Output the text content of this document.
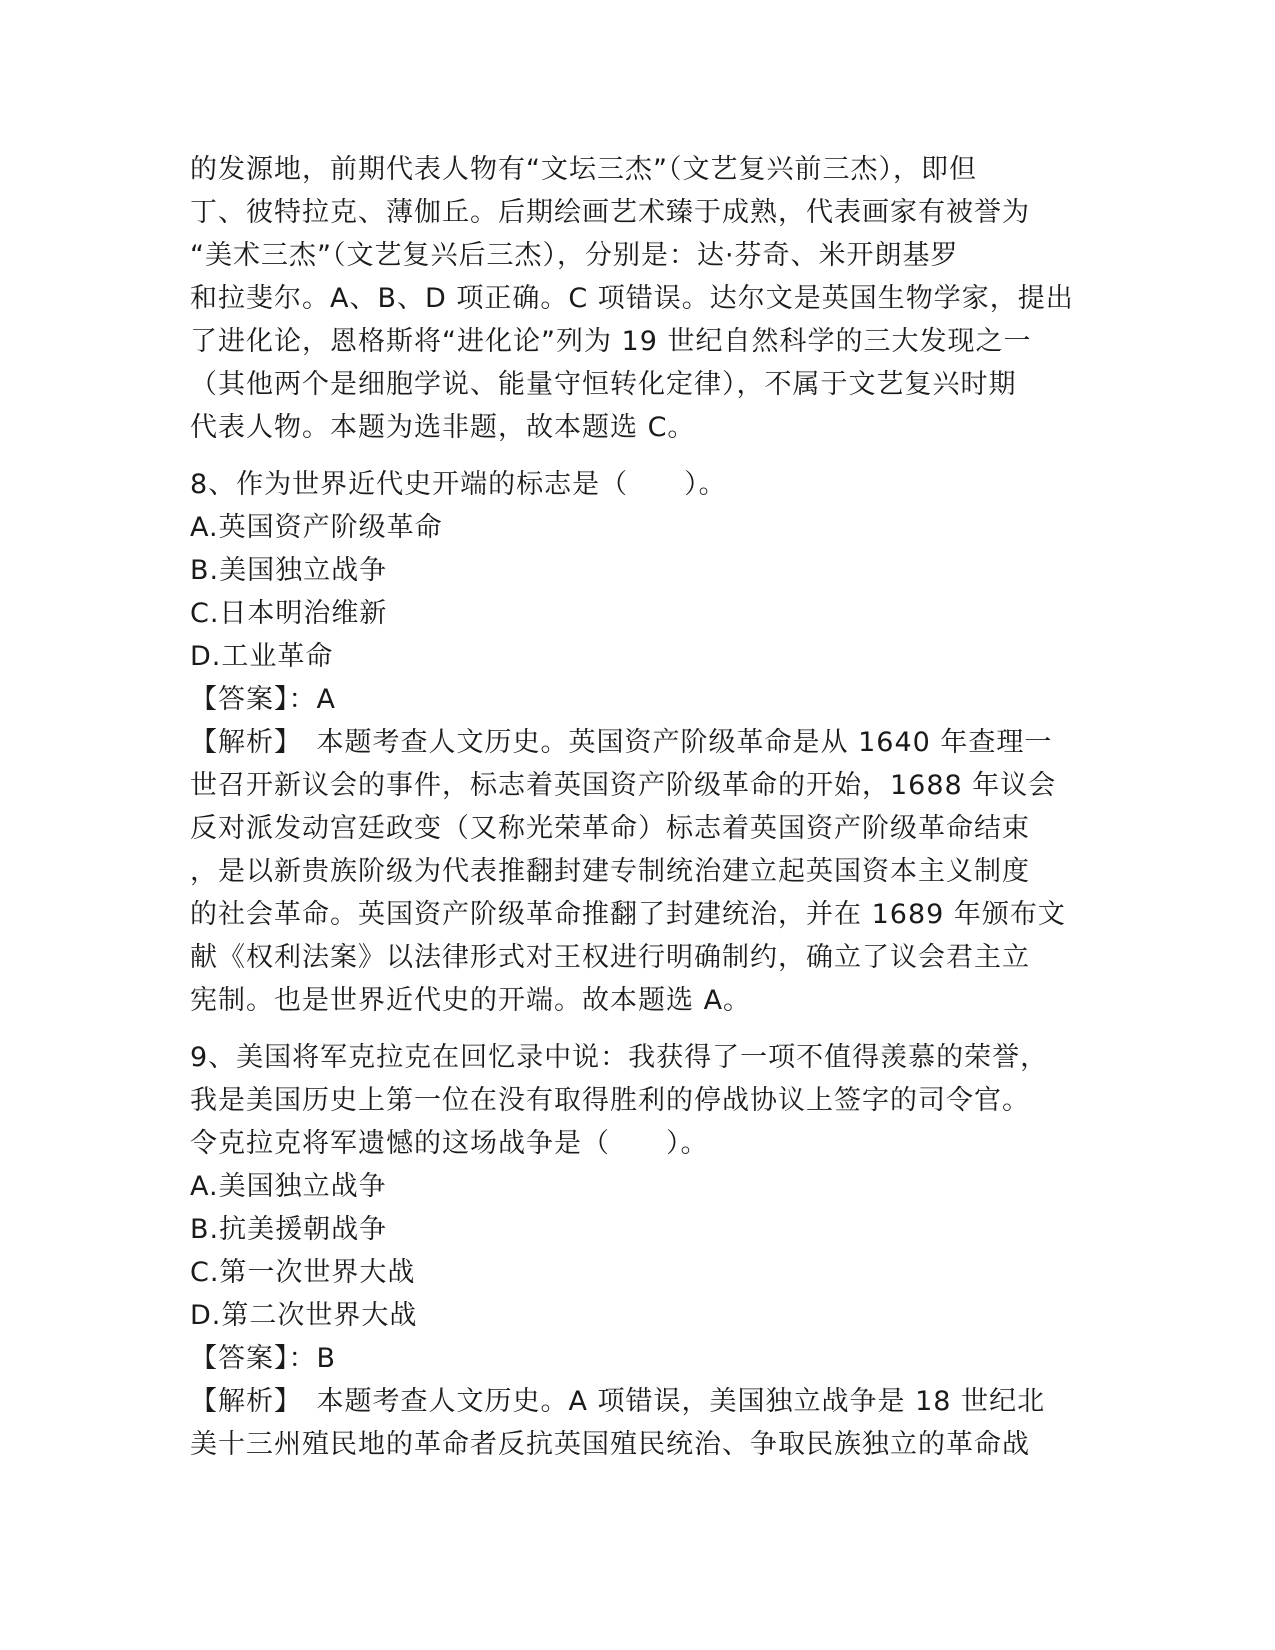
的发源地，前期代表人物有“文坛三杰”（文艺复兴前三杰），即但
丁、彼特拉克、薄伽丘。后期绘画艺术臻于成熟，代表画家有被誉为
“美术三杰”（文艺复兴后三杰），分别是：达·芬奇、米开朗基罗
和拉斐尔。A、B、D 项正确。C 项错误。达尔文是英国生物学家，提出
了进化论，恩格斯将“进化论”列为 19 世纪自然科学的三大发现之一
（其他两个是细胞学说、能量守恒转化定律），不属于文艺复兴时期
代表人物。本题为选非题，故本题选 C。
8、作为世界近代史开端的标志是（　　）。
A.英国资产阶级革命
B.美国独立战争
C.日本明治维新
D.工业革命
【答案】：A
【解析】　本题考查人文历史。英国资产阶级革命是从 1640 年查理一
世召开新议会的事件，标志着英国资产阶级革命的开始，1688 年议会
反对派发动宫廷政变（又称光荣革命）标志着英国资产阶级革命结束
，是以新贵族阶级为代表推翻封建专制统治建立起英国资本主义制度
的社会革命。英国资产阶级革命推翻了封建统治，并在 1689 年颁布文
献《权利法案》以法律形式对王权进行明确制约，确立了议会君主立
宪制。也是世界近代史的开端。故本题选 A。
9、美国将军克拉克在回忆录中说：我获得了一项不值得羡慕的荣誉，
我是美国历史上第一位在没有取得胜利的停战协议上签字的司令官。
令克拉克将军遗憾的这场战争是（　　）。
A.美国独立战争
B.抗美援朝战争
C.第一次世界大战
D.第二次世界大战
【答案】：B
【解析】　本题考查人文历史。A 项错误，美国独立战争是 18 世纪北
美十三州殖民地的革命者反抗英国殖民统治、争取民族独立的革命战
